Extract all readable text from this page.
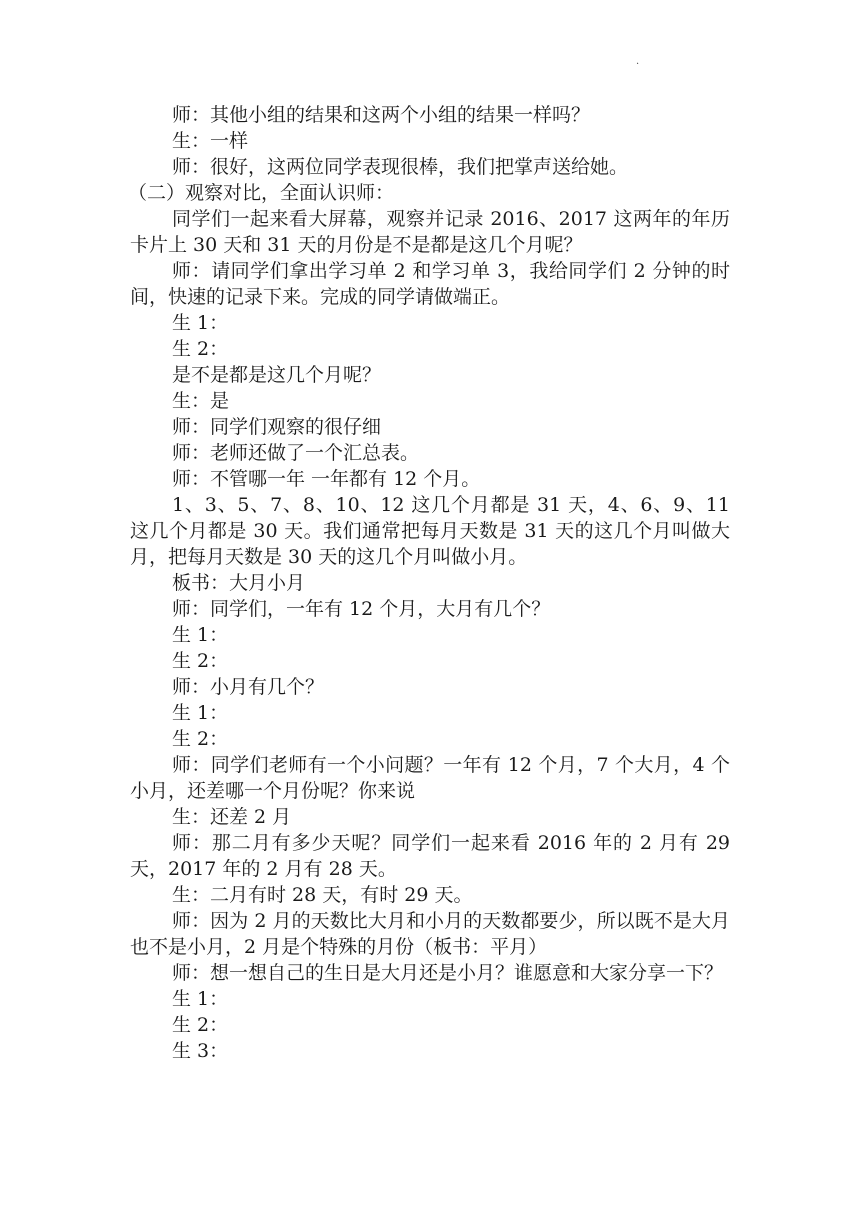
·

师：其他小组的结果和这两个小组的结果一样吗？

生：一样

师：很好，这两位同学表现很棒，我们把掌声送给她。

（二）观察对比，全面认识师：

同学们一起来看大屏幕，观察并记录 2016、2017 这两年的年历卡片上 30 天和 31 天的月份是不是都是这几个月呢？

师：请同学们拿出学习单 2 和学习单 3，我给同学们 2 分钟的时间，快速的记录下来。完成的同学请做端正。

生 1：

生 2：

是不是都是这几个月呢？

生：是

师：同学们观察的很仔细

师：老师还做了一个汇总表。

师：不管哪一年 一年都有 12 个月。

1、3、5、7、8、10、12 这几个月都是 31 天，4、6、9、11 这几个月都是 30 天。我们通常把每月天数是 31 天的这几个月叫做大月，把每月天数是 30 天的这几个月叫做小月。

板书：大月小月

师：同学们，一年有 12 个月，大月有几个？

生 1：

生 2：

师：小月有几个？

生 1：

生 2：

师：同学们老师有一个小问题？一年有 12 个月，7 个大月，4 个小月，还差哪一个月份呢？你来说

生：还差 2 月

师：那二月有多少天呢？同学们一起来看 2016 年的 2 月有 29 天，2017 年的 2 月有 28 天。

生：二月有时 28 天，有时 29 天。

师：因为 2 月的天数比大月和小月的天数都要少，所以既不是大月也不是小月，2 月是个特殊的月份（板书：平月）

师：想一想自己的生日是大月还是小月？谁愿意和大家分享一下？

生 1：

生 2：

生 3：
